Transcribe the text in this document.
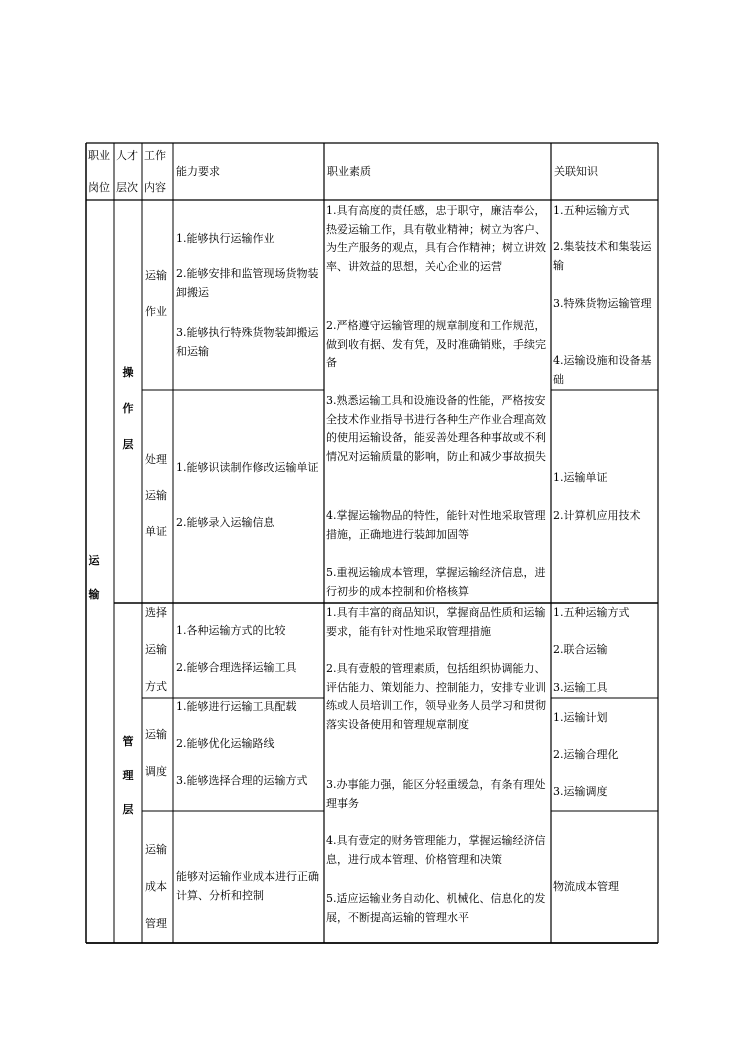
职业
岗位
人才
层次
工作
内容
能力要求	职业素质	关联知识
运输
操作层
管理层
运输
作业
处理
运输
单证
选择
运输
方式
运输
调度
运输
成本
管理
1.能够执行运输作业
2.能够安排和监管现场货物装卸搬运
3.能够执行特殊货物装卸搬运和运输
1.能够识读制作修改运输单证
2.能够录入运输信息
1.各种运输方式的比较
2.能够合理选择运输工具
1.能够进行运输工具配载
2.能够优化运输路线
3.能够选择合理的运输方式
能够对运输作业成本进行正确计算、分析和控制
1.具有高度的责任感，忠于职守，廉洁奉公，热爱运输工作，具有敬业精神；树立为客户、为生产服务的观点，具有合作精神；树立讲效率、讲效益的思想，关心企业的运营
2.严格遵守运输管理的规章制度和工作规范，做到收有据、发有凭，及时准确销账，手续完备
3.熟悉运输工具和设施设备的性能，严格按安全技术作业指导书进行各种生产作业合理高效的使用运输设备，能妥善处理各种事故或不利情况对运输质量的影响，防止和减少事故损失
4.掌握运输物品的特性，能针对性地采取管理措施，正确地进行装卸加固等
5.重视运输成本管理，掌握运输经济信息，进行初步的成本控制和价格核算
1.具有丰富的商品知识，掌握商品性质和运输要求，能有针对性地采取管理措施
2.具有壹般的管理素质，包括组织协调能力、评估能力、策划能力、控制能力，安排专业训练或人员培训工作，领导业务人员学习和贯彻落实设备使用和管理规章制度
3.办事能力强，能区分轻重缓急，有条有理处理事务
4.具有壹定的财务管理能力，掌握运输经济信息，进行成本管理、价格管理和决策
5.适应运输业务自动化、机械化、信息化的发展，不断提高运输的管理水平
1.五种运输方式
2.集装技术和集装运输
3.特殊货物运输管理
4.运输设施和设备基础
1.运输单证
2.计算机应用技术
1.五种运输方式
2.联合运输
3.运输工具
1.运输计划
2.运输合理化
3.运输调度
物流成本管理
